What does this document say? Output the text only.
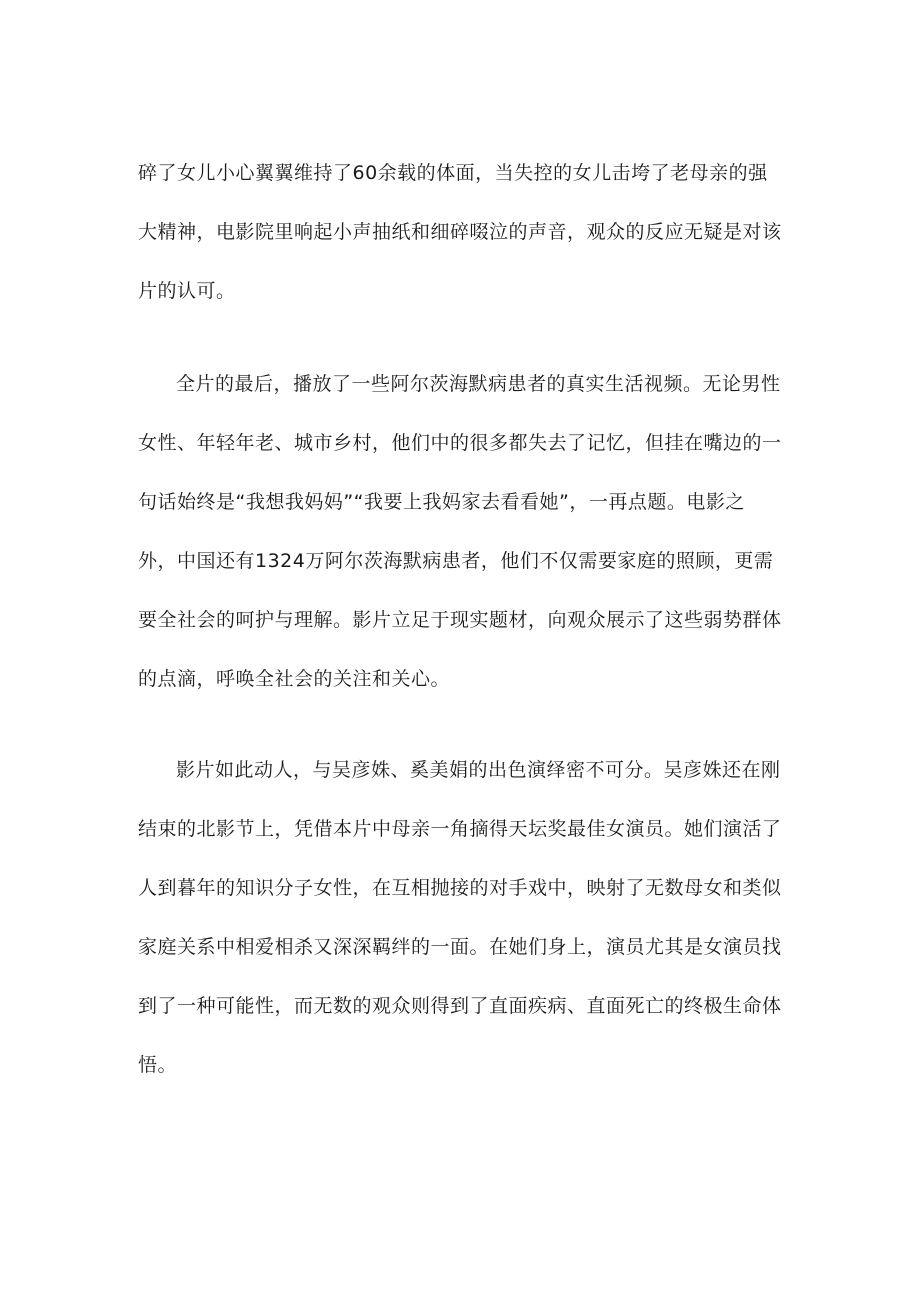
碎了女儿小心翼翼维持了60余载的体面，当失控的女儿击垮了老母亲的强
大精神，电影院里响起小声抽纸和细碎啜泣的声音，观众的反应无疑是对该
片的认可。
全片的最后，播放了一些阿尔茨海默病患者的真实生活视频。无论男性
女性、年轻年老、城市乡村，他们中的很多都失去了记忆，但挂在嘴边的一
句话始终是“我想我妈妈”“我要上我妈家去看看她”，一再点题。电影之
外，中国还有1324万阿尔茨海默病患者，他们不仅需要家庭的照顾，更需
要全社会的呵护与理解。影片立足于现实题材，向观众展示了这些弱势群体
的点滴，呼唤全社会的关注和关心。
影片如此动人，与吴彦姝、奚美娟的出色演绎密不可分。吴彦姝还在刚
结束的北影节上，凭借本片中母亲一角摘得天坛奖最佳女演员。她们演活了
人到暮年的知识分子女性，在互相抛接的对手戏中，映射了无数母女和类似
家庭关系中相爱相杀又深深羁绊的一面。在她们身上，演员尤其是女演员找
到了一种可能性，而无数的观众则得到了直面疾病、直面死亡的终极生命体
悟。
